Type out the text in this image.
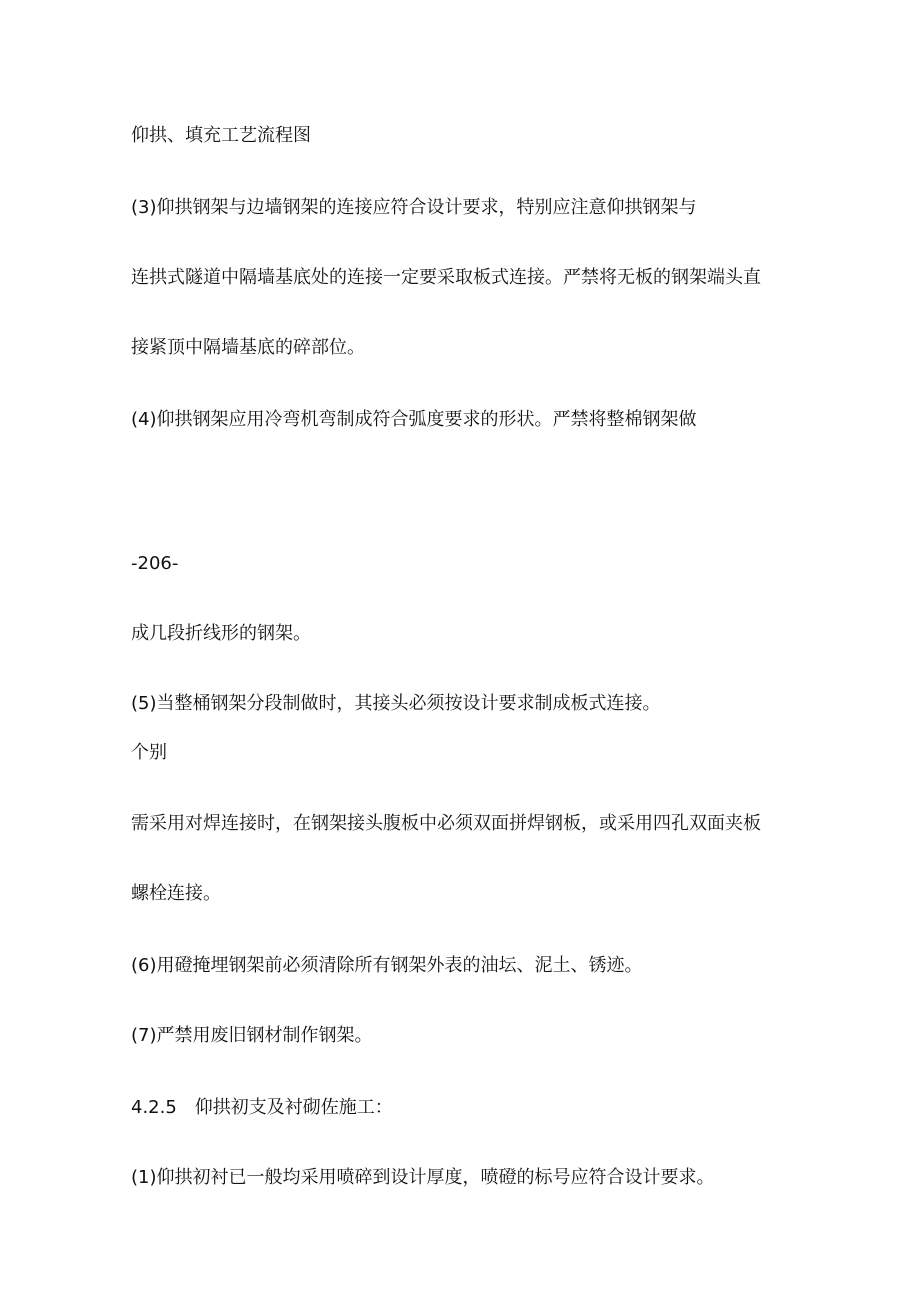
仰拱、填充工艺流程图

(3)仰拱钢架与边墙钢架的连接应符合设计要求，特别应注意仰拱钢架与

连拱式隧道中隔墙基底处的连接一定要采取板式连接。严禁将无板的钢架端头直

接紧顶中隔墙基底的碎部位。

(4)仰拱钢架应用冷弯机弯制成符合弧度要求的形状。严禁将整棉钢架做

-206-

成几段折线形的钢架。

(5)当整桶钢架分段制做时，其接头必须按设计要求制成板式连接。

个别

需采用对焊连接时，在钢架接头腹板中必须双面拼焊钢板，或采用四孔双面夹板

螺栓连接。

(6)用磴掩埋钢架前必须清除所有钢架外表的油坛、泥土、锈迹。

(7)严禁用废旧钢材制作钢架。

4.2.5　仰拱初支及衬砌佐施工：

(1)仰拱初衬已一般均采用喷碎到设计厚度，喷磴的标号应符合设计要求。
